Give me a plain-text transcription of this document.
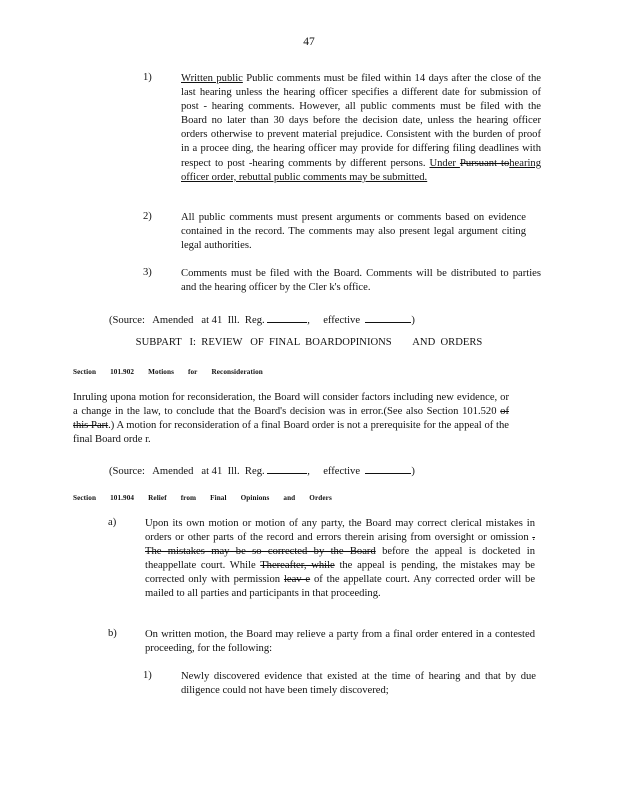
47
1)	Written public Public comments must be filed within 14 days after the close of the last hearing unless the hearing officer specifies a different date for submission of post - hearing comments. However, all public comments must be filed with the Board no later than 30 days before the decision date, unless the hearing officer orders otherwise to prevent material prejudice. Consistent with the burden of proof in a procee ding, the hearing officer may provide for differing filing deadlines with respect to post -hearing comments by different persons. Under Pursuant tohearing officer order, rebuttal public comments may be submitted.
2)	All public comments must present arguments or comments based on evidence contained in the record. The comments may also present legal argument citing legal authorities.
3)	Comments must be filed with the Board. Comments will be distributed to parties and the hearing officer by the Cler k's office.
(Source:   Amended   at 41  Ill.  Reg.	,     effective	)
SUBPART   I:  REVIEW   OF  FINAL  BOARDOPINIONS        AND  ORDERS
Section 101.902 Motions for Reconsideration
Inruling upona motion for reconsideration, the Board will consider factors including new evidence, or a change in the law, to conclude that the Board's decision was in error.(See also Section 101.520 of this Part.) A motion for reconsideration of a final Board order is not a prerequisite for the appeal of the final Board orde r.
(Source:   Amended   at 41  Ill.  Reg.	,     effective	)
Section 101.904 Relief from Final Opinions and Orders
a)	Upon its own motion or motion of any party, the Board may correct clerical mistakes in orders or other parts of the record and errors therein arising from oversight or omission . The mistakes may be so corrected by the Board before the appeal is docketed in theappellate court. While Thereafter, while the appeal is pending, the mistakes may be corrected only with permission leav e of the appellate court. Any corrected order will be mailed to all parties and participants in that proceeding.
b)	On written motion, the Board may relieve a party from a final order entered in a contested proceeding, for the following:
1)	Newly discovered evidence that existed at the time of hearing and that by due diligence could not have been timely discovered;
